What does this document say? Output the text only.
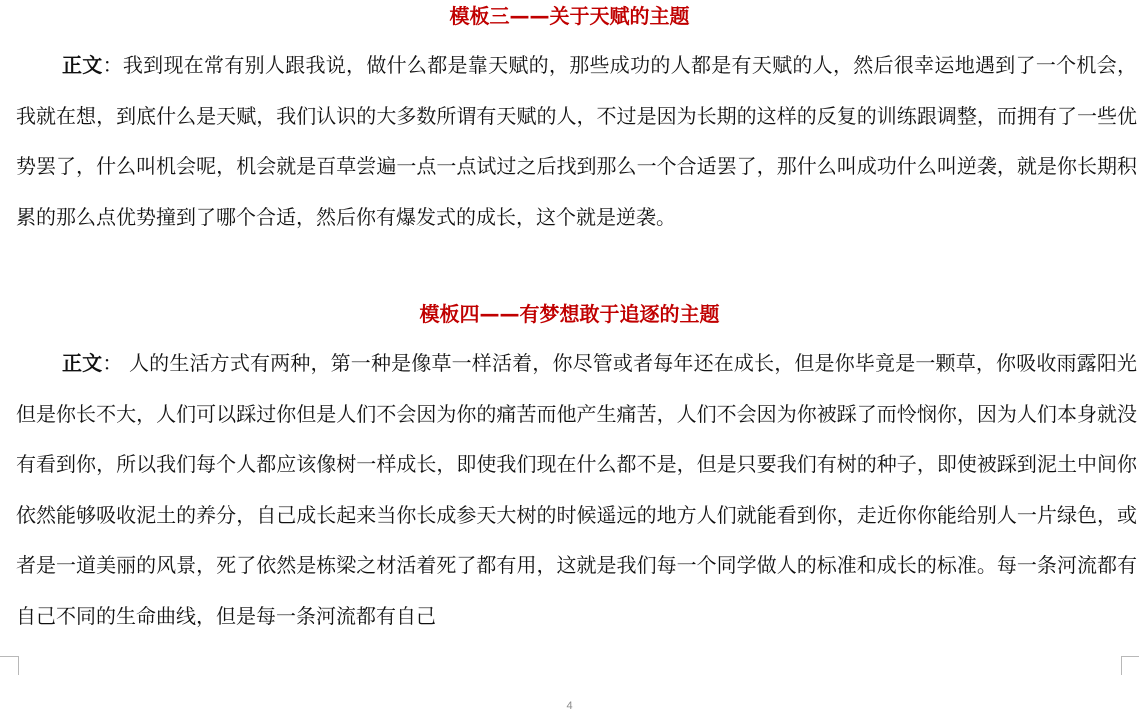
模板三——关于天赋的主题
正文：我到现在常有别人跟我说，做什么都是靠天赋的，那些成功的人都是有天赋的人，然后很幸运地遇到了一个机会，我就在想，到底什么是天赋，我们认识的大多数所谓有天赋的人，不过是因为长期的这样的反复的训练跟调整，而拥有了一些优势罢了，什么叫机会呢，机会就是百草尝遍一点一点试过之后找到那么一个合适罢了，那什么叫成功什么叫逆袭，就是你长期积累的那么点优势撞到了哪个合适，然后你有爆发式的成长，这个就是逆袭。
模板四——有梦想敢于追逐的主题
正文： 人的生活方式有两种，第一种是像草一样活着，你尽管或者每年还在成长，但是你毕竟是一颗草，你吸收雨露阳光但是你长不大，人们可以踩过你但是人们不会因为你的痛苦而他产生痛苦，人们不会因为你被踩了而怜悯你，因为人们本身就没有看到你，所以我们每个人都应该像树一样成长，即使我们现在什么都不是，但是只要我们有树的种子，即使被踩到泥土中间你依然能够吸收泥土的养分，自己成长起来当你长成参天大树的时候遥远的地方人们就能看到你，走近你你能给别人一片绿色，或者是一道美丽的风景，死了依然是栋梁之材活着死了都有用，这就是我们每一个同学做人的标准和成长的标准。每一条河流都有自己不同的生命曲线，但是每一条河流都有自己
4
